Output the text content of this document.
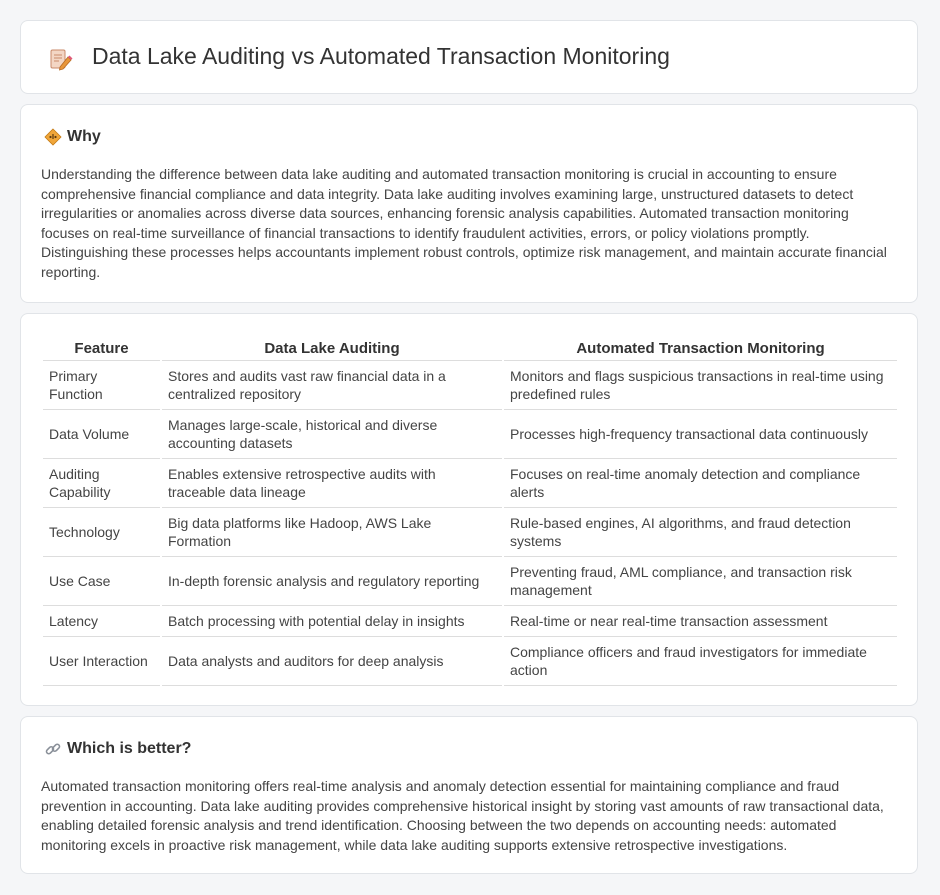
Data Lake Auditing vs Automated Transaction Monitoring
Why

Understanding the difference between data lake auditing and automated transaction monitoring is crucial in accounting to ensure comprehensive financial compliance and data integrity. Data lake auditing involves examining large, unstructured datasets to detect irregularities or anomalies across diverse data sources, enhancing forensic analysis capabilities. Automated transaction monitoring focuses on real-time surveillance of financial transactions to identify fraudulent activities, errors, or policy violations promptly. Distinguishing these processes helps accountants implement robust controls, optimize risk management, and maintain accurate financial reporting.

Feature	Data Lake Auditing	Automated Transaction Monitoring
Primary Function	Stores and audits vast raw financial data in a centralized repository	Monitors and flags suspicious transactions in real-time using predefined rules
Data Volume	Manages large-scale, historical and diverse accounting datasets	Processes high-frequency transactional data continuously
Auditing Capability	Enables extensive retrospective audits with traceable data lineage	Focuses on real-time anomaly detection and compliance alerts
Technology	Big data platforms like Hadoop, AWS Lake Formation	Rule-based engines, AI algorithms, and fraud detection systems
Use Case	In-depth forensic analysis and regulatory reporting	Preventing fraud, AML compliance, and transaction risk management
Latency	Batch processing with potential delay in insights	Real-time or near real-time transaction assessment
User Interaction	Data analysts and auditors for deep analysis	Compliance officers and fraud investigators for immediate action
Which is better?

Automated transaction monitoring offers real-time analysis and anomaly detection essential for maintaining compliance and fraud prevention in accounting. Data lake auditing provides comprehensive historical insight by storing vast amounts of raw transactional data, enabling detailed forensic analysis and trend identification. Choosing between the two depends on accounting needs: automated monitoring excels in proactive risk management, while data lake auditing supports extensive retrospective investigations.
